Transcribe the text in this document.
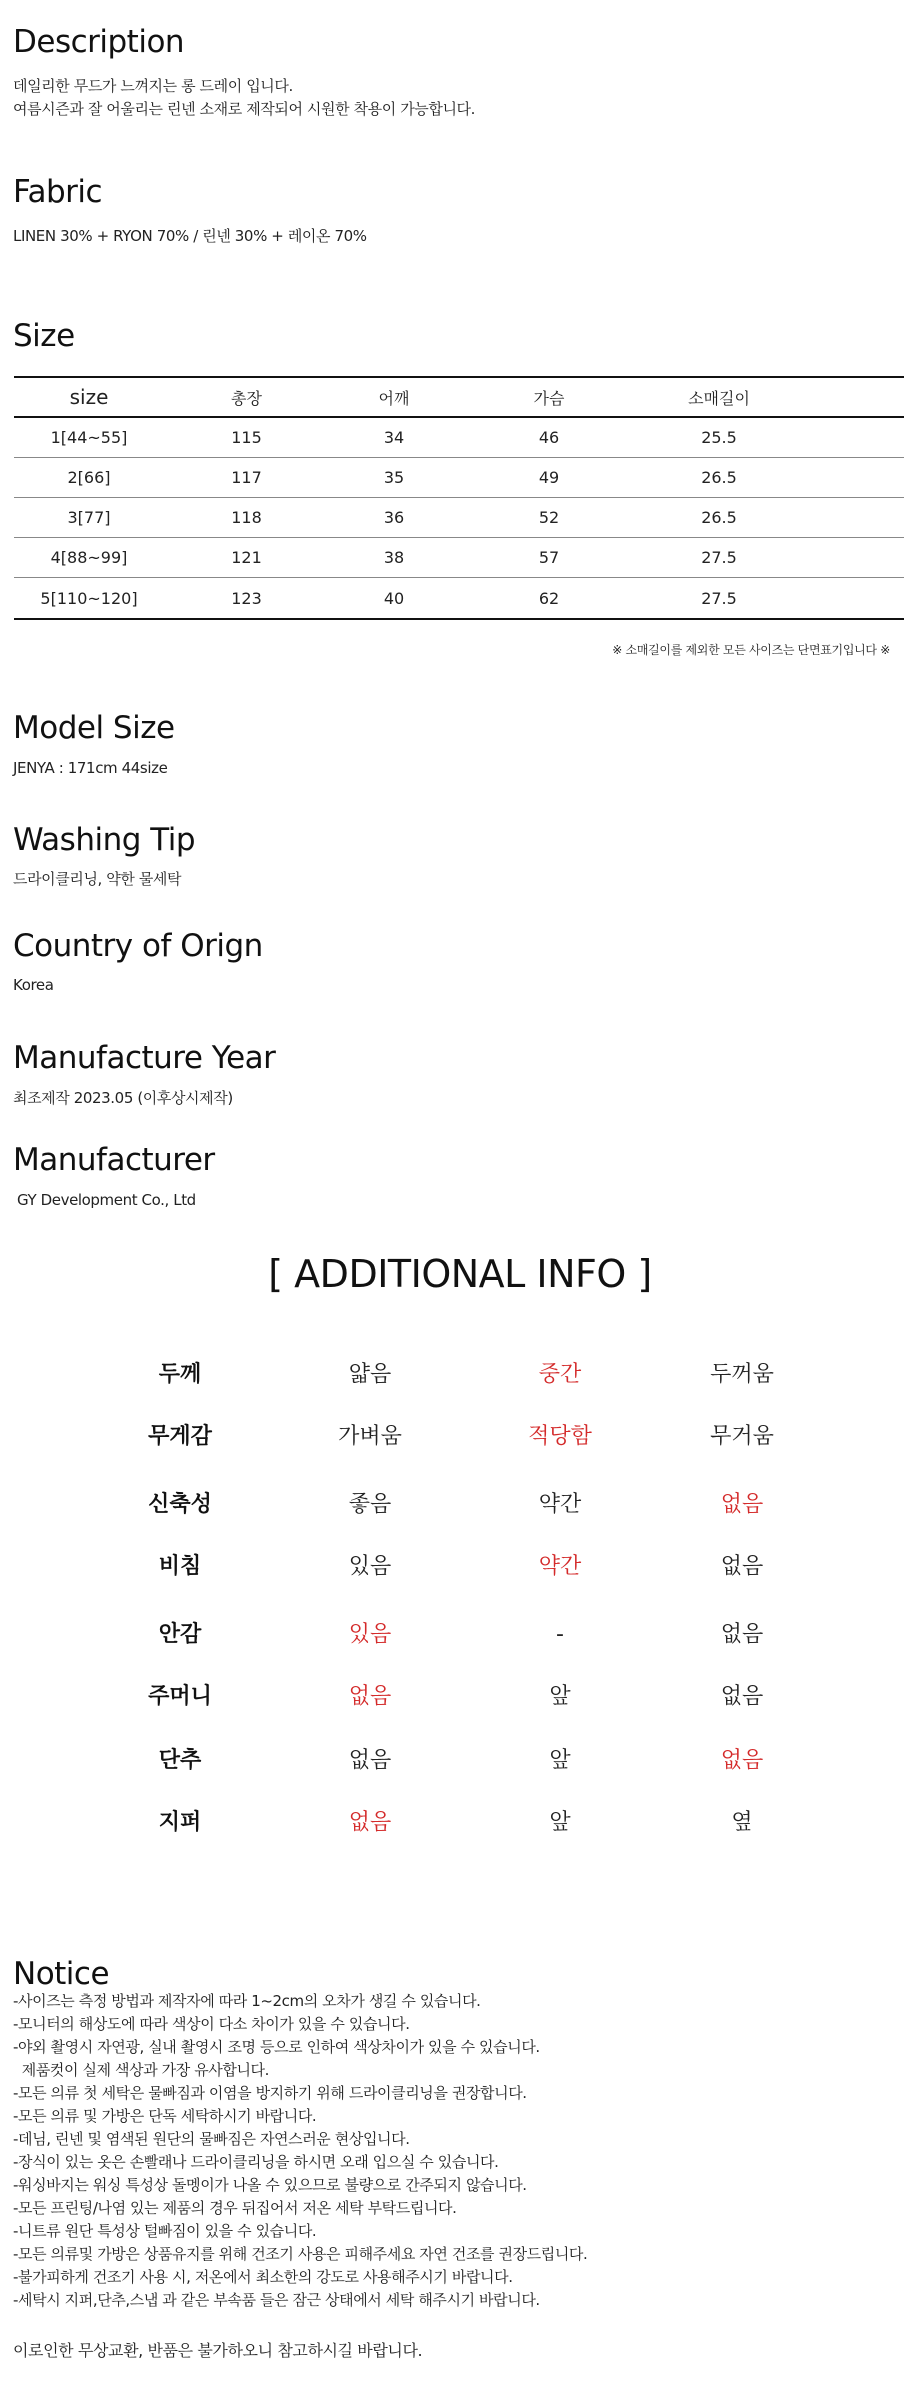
Description
데일리한 무드가 느껴지는 롱 드레이 입니다.
여름시즌과 잘 어울리는 린넨 소재로 제작되어 시원한 착용이 가능합니다.
Fabric
LINEN 30% + RYON 70% / 린넨 30% + 레이온 70%
Size
size	총장	어깨	가슴	소매길이
1[44~55]	115	34	46	25.5
2[66]	117	35	49	26.5
3[77]	118	36	52	26.5
4[88~99]	121	38	57	27.5
5[110~120]	123	40	62	27.5
※ 소매길이를 제외한 모든 사이즈는 단면표기입니다 ※
Model Size
JENYA : 171cm 44size
Washing Tip
드라이클리닝, 약한 물세탁
Country of Orign
Korea
Manufacture Year
최조제작 2023.05 (이후상시제작)
Manufacturer
GY Development Co., Ltd
[ ADDITIONAL INFO ]
두께	얇음	중간	두꺼움
무게감	가벼움	적당함	무거움
신축성	좋음	약간	없음
비침	있음	약간	없음
안감	있음	-	없음
주머니	없음	앞	없음
단추	없음	앞	없음
지퍼	없음	앞	옆
Notice
-사이즈는 측정 방법과 제작자에 따라 1~2cm의 오차가 생길 수 있습니다.
-모니터의 해상도에 따라 색상이 다소 차이가 있을 수 있습니다.
-야외 촬영시 자연광, 실내 촬영시 조명 등으로 인하여 색상차이가 있을 수 있습니다.
제품컷이 실제 색상과 가장 유사합니다.
-모든 의류 첫 세탁은 물빠짐과 이염을 방지하기 위해 드라이클리닝을 권장합니다.
-모든 의류 및 가방은 단독 세탁하시기 바랍니다.
-데님, 린넨 및 염색된 원단의 물빠짐은 자연스러운 현상입니다.
-장식이 있는 옷은 손빨래나 드라이클리닝을 하시면 오래 입으실 수 있습니다.
-워싱바지는 워싱 특성상 돌멩이가 나올 수 있으므로 불량으로 간주되지 않습니다.
-모든 프린팅/나염 있는 제품의 경우 뒤집어서 저온 세탁 부탁드립니다.
-니트류 원단 특성상 털빠짐이 있을 수 있습니다.
-모든 의류및 가방은 상품유지를 위해 건조기 사용은 피해주세요 자연 건조를 권장드립니다.
-불가피하게 건조기 사용 시, 저온에서 최소한의 강도로 사용해주시기 바랍니다.
-세탁시 지퍼,단추,스냅 과 같은 부속품 들은 잠근 상태에서 세탁 해주시기 바랍니다.
이로인한 무상교환, 반품은 불가하오니 참고하시길 바랍니다.
